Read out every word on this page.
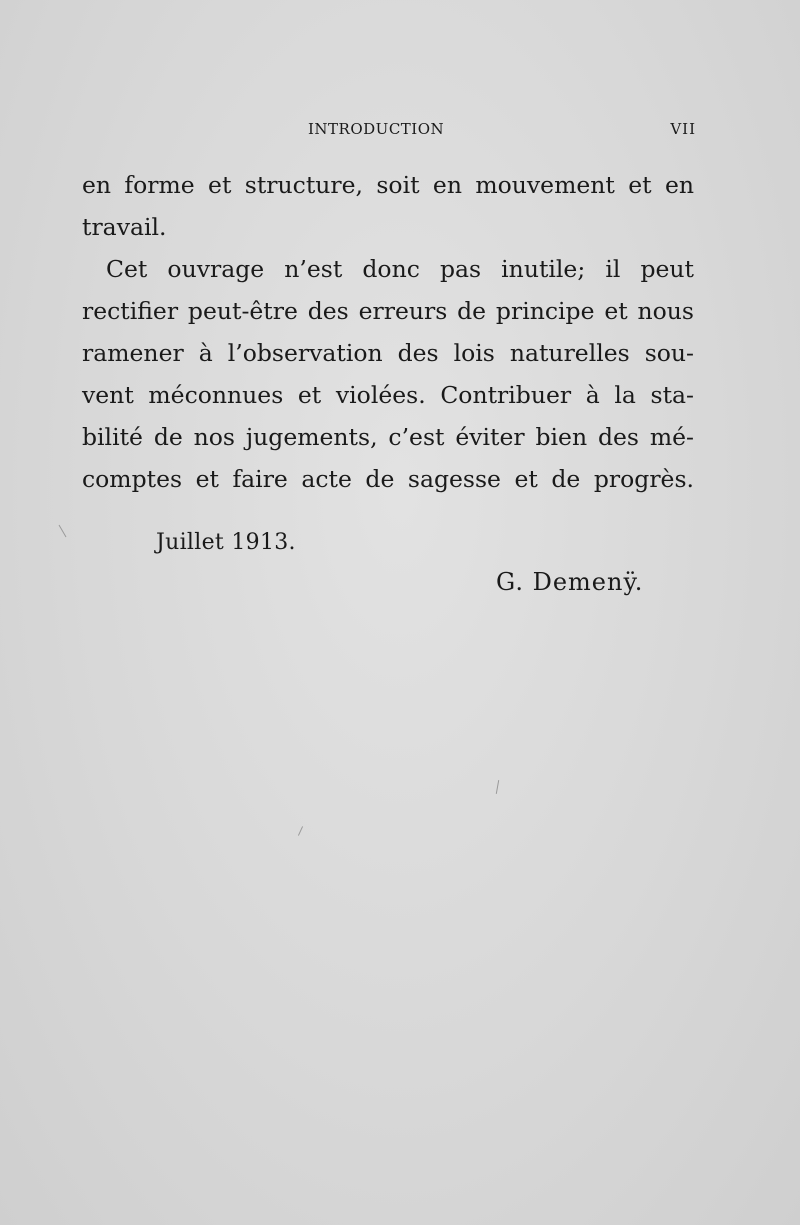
INTRODUCTION	VII
en forme et structure, soit en mouvement et en
travail.
Cet ouvrage n’est donc pas inutile; il peut
rectifier peut-être des erreurs de principe et nous
ramener à l’observation des lois naturelles sou-
vent méconnues et violées. Contribuer à la sta-
bilité de nos jugements, c’est éviter bien des mé-
comptes et faire acte de sagesse et de progrès.
Juillet 1913.
G. Demenÿ.
